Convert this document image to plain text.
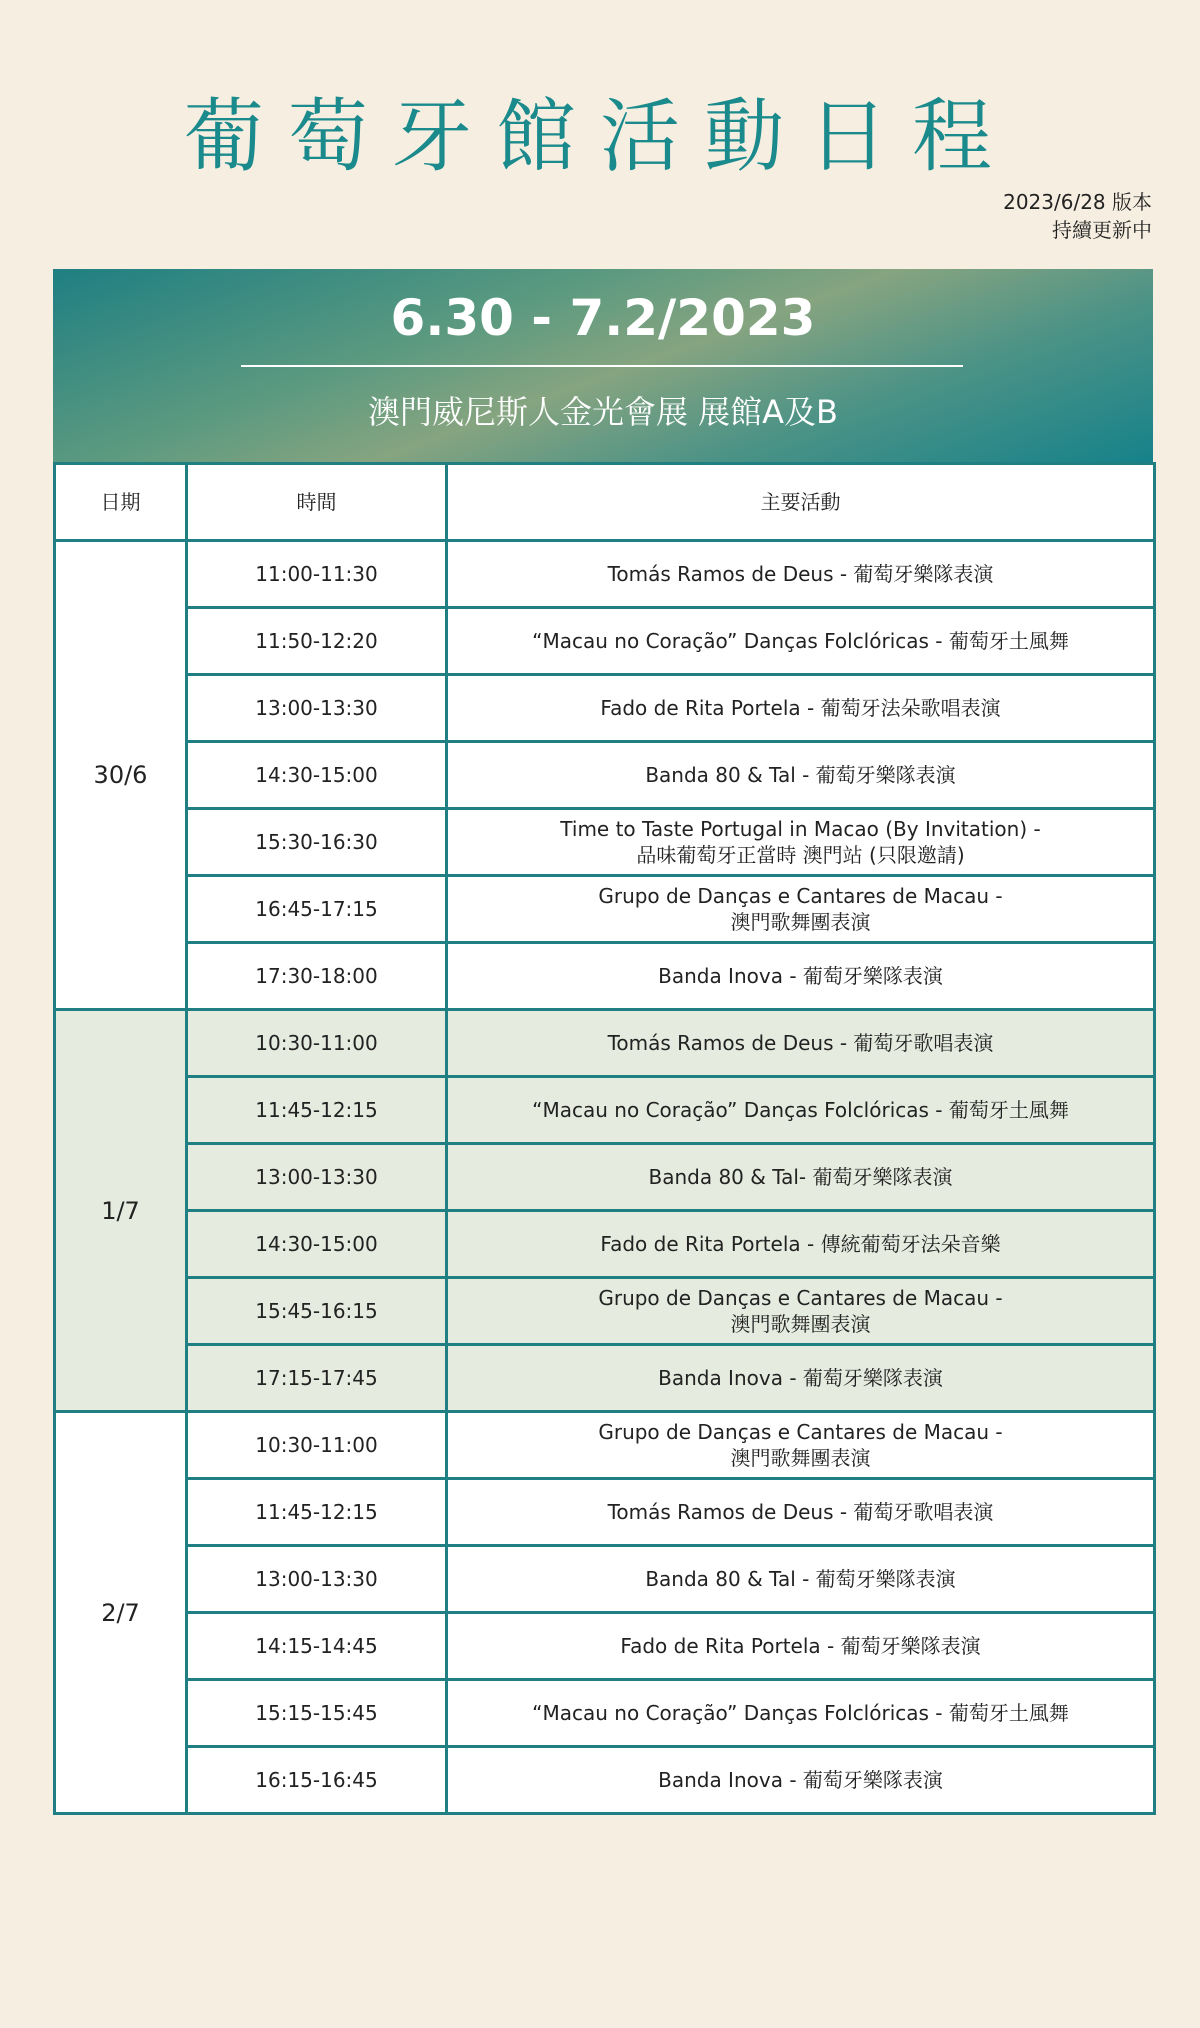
葡萄牙館活動日程
2023/6/28 版本
持續更新中
6.30 - 7.2/2023
澳門威尼斯人金光會展 展館A及B
日期	時間	主要活動
30/6	11:00-11:30	Tomás Ramos de Deus - 葡萄牙樂隊表演

	11:50-12:20	“Macau no Coração” Danças Folclóricas - 葡萄牙土風舞

	13:00-13:30	Fado de Rita Portela - 葡萄牙法朵歌唱表演

	14:30-15:00	Banda 80 & Tal - 葡萄牙樂隊表演

	15:30-16:30	Time to Taste Portugal in Macao (By Invitation) -
品味葡萄牙正當時 澳門站 (只限邀請)

	16:45-17:15	Grupo de Danças e Cantares de Macau -
澳門歌舞團表演

	17:30-18:00	Banda Inova - 葡萄牙樂隊表演

1/7	10:30-11:00	Tomás Ramos de Deus - 葡萄牙歌唱表演

	11:45-12:15	“Macau no Coração” Danças Folclóricas - 葡萄牙土風舞

	13:00-13:30	Banda 80 & Tal- 葡萄牙樂隊表演

	14:30-15:00	Fado de Rita Portela - 傳統葡萄牙法朵音樂

	15:45-16:15	Grupo de Danças e Cantares de Macau -
澳門歌舞團表演

	17:15-17:45	Banda Inova - 葡萄牙樂隊表演

2/7	10:30-11:00	Grupo de Danças e Cantares de Macau -
澳門歌舞團表演

	11:45-12:15	Tomás Ramos de Deus - 葡萄牙歌唱表演

	13:00-13:30	Banda 80 & Tal - 葡萄牙樂隊表演

	14:15-14:45	Fado de Rita Portela - 葡萄牙樂隊表演

	15:15-15:45	“Macau no Coração” Danças Folclóricas - 葡萄牙土風舞

	16:15-16:45	Banda Inova - 葡萄牙樂隊表演
